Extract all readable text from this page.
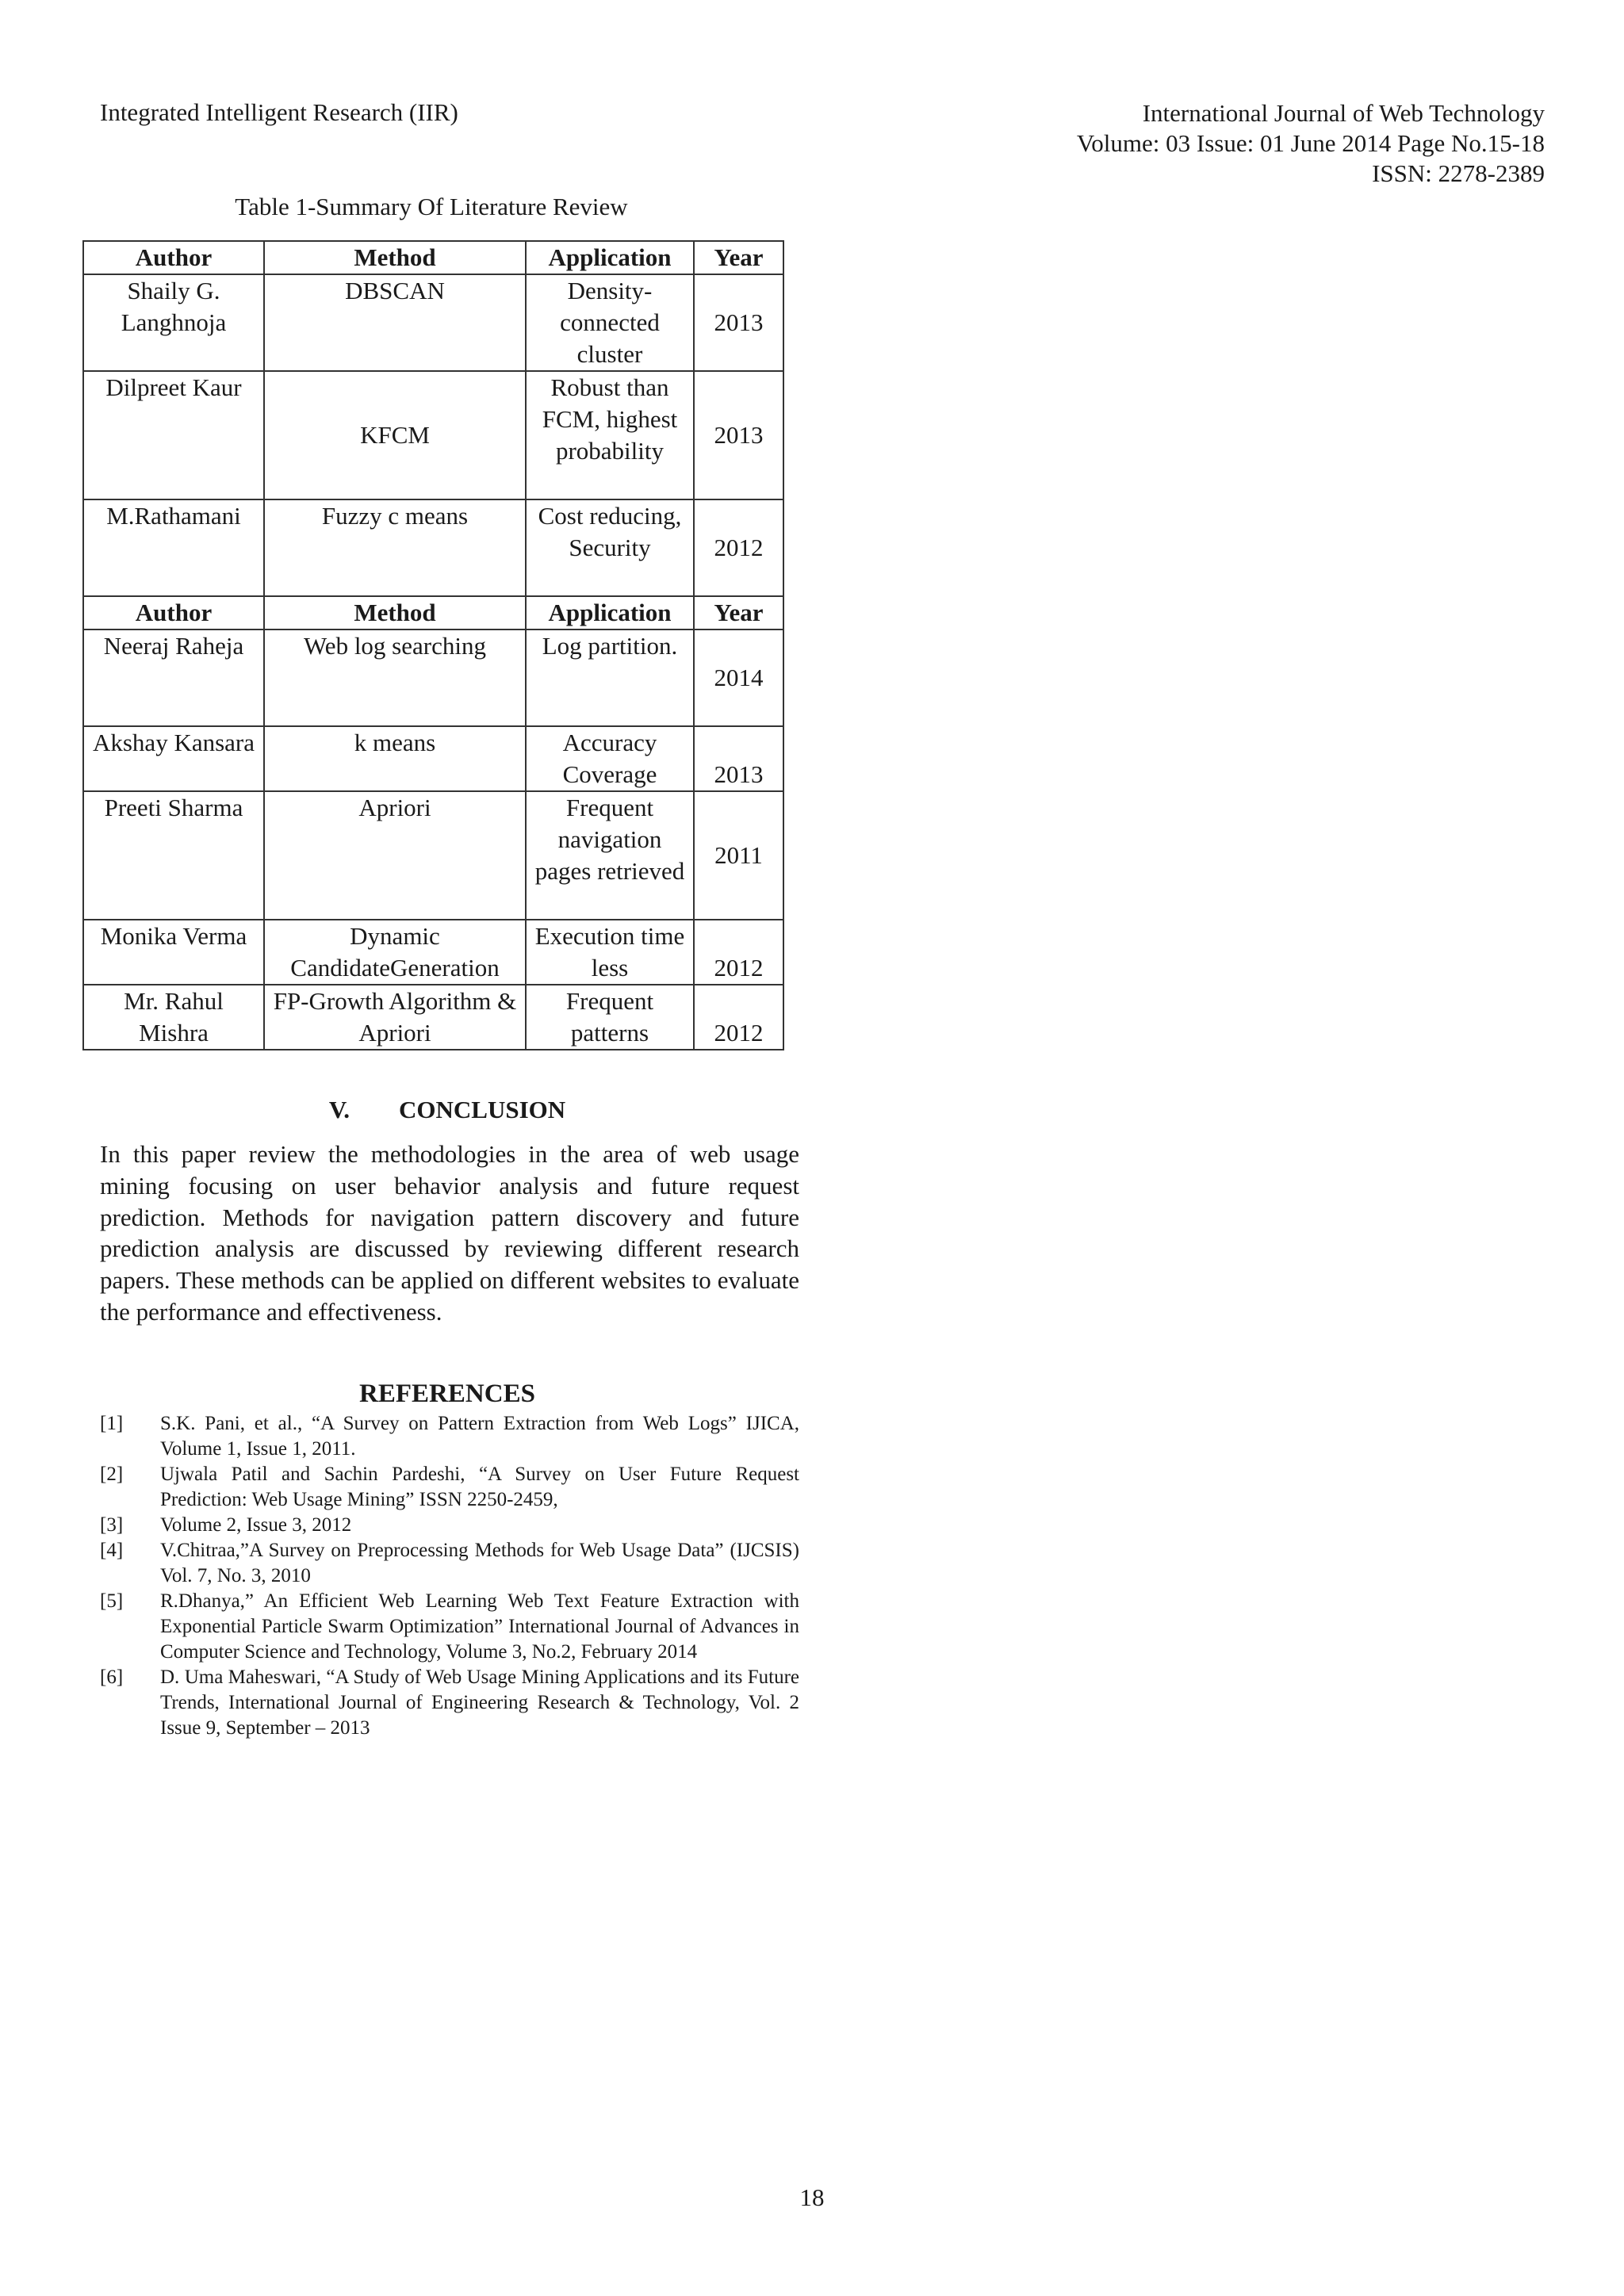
Integrated Intelligent Research (IIR)	International Journal of Web Technology
Volume: 03 Issue: 01 June 2014 Page No.15-18
ISSN: 2278-2389
Table 1-Summary Of Literature Review
Author	Method	Application	Year
Shaily G. Langhnoja	DBSCAN	Density-connected cluster	2013
Dilpreet Kaur	KFCM	Robust than FCM, highest probability	2013
M.Rathamani	Fuzzy c means	Cost reducing, Security	2012
Author	Method	Application	Year
Neeraj Raheja	Web log searching	Log partition.	2014
Akshay Kansara	k means	Accuracy Coverage	2013
Preeti Sharma	Apriori	Frequent navigation pages retrieved	2011
Monika Verma	Dynamic CandidateGeneration	Execution time less	2012
Mr. Rahul Mishra	FP-Growth Algorithm & Apriori	Frequent patterns	2012
V. CONCLUSION
In this paper review the methodologies in the area of web usage mining focusing on user behavior analysis and future request prediction. Methods for navigation pattern discovery and future prediction analysis are discussed by reviewing different research papers. These methods can be applied on different websites to evaluate the performance and effectiveness.
REFERENCES
[1]	S.K. Pani, et al., “A Survey on Pattern Extraction from Web Logs” IJICA, Volume 1, Issue 1, 2011.
[2]	Ujwala Patil and Sachin Pardeshi, “A Survey on User Future Request Prediction: Web Usage Mining” ISSN 2250-2459,
[3]	Volume 2, Issue 3, 2012
[4]	V.Chitraa,”A Survey on Preprocessing Methods for Web Usage Data” (IJCSIS) Vol. 7, No. 3, 2010
[5]	R.Dhanya,” An Efficient Web Learning Web Text Feature Extraction with Exponential Particle Swarm Optimization” International Journal of Advances in Computer Science and Technology, Volume 3, No.2, February 2014
[6]	D. Uma Maheswari, “A Study of Web Usage Mining Applications and its Future Trends, International Journal of Engineering Research & Technology, Vol. 2 Issue 9, September – 2013
18
